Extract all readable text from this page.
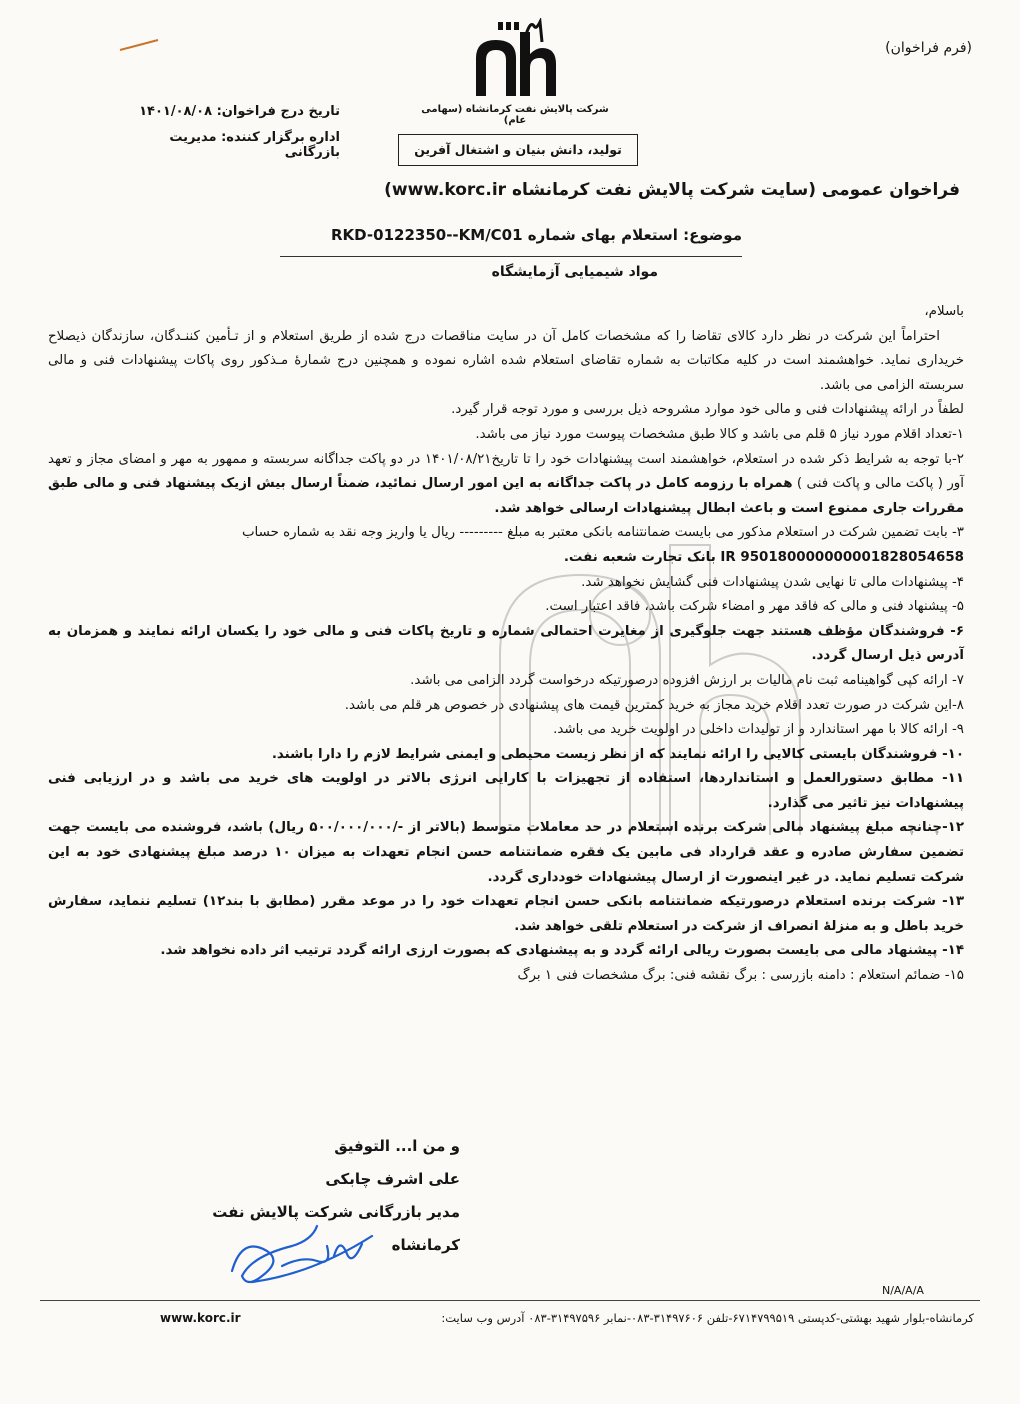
(فرم فراخوان)
شرکت پالایش نفت کرمانشاه (سهامی عام)
تولید، دانش بنیان و اشتغال آفرین
تاریخ درج فراخوان: ۱۴۰۱/۰۸/۰۸
اداره برگزار کننده: مدیریت بازرگانی
فراخوان عمومی (سایت شرکت پالایش نفت کرمانشاه www.korc.ir)
موضوع: استعلام بهای شماره RKD-0122350--KM/C01
مواد شیمیایی آزمایشگاه

باسلام،

احتراماً این شرکت در نظر دارد کالای تقاضا را که مشخصات کامل آن در سایت مناقصات درج شده از طریق استعلام و از تـأمین کننـدگان، سازندگان ذیصلاح خریداری نماید. خواهشمند است در کلیه مکاتبات به شماره تقاضای استعلام شده اشاره نموده و همچنین درج شمارهٔ مـذکور روی پاکات پیشنهادات فنی و مالی سربسته الزامی می باشد.

لطفاً در ارائه پیشنهادات فنی و مالی خود موارد مشروحه ذیل بررسی و مورد توجه قرار گیرد.

۱-تعداد اقلام مورد نیاز ۵ قلم می باشد و کالا طبق مشخصات پیوست مورد نیاز می باشد.

۲-با توجه به شرایط ذکر شده در استعلام، خواهشمند است پیشنهادات خود را تا تاریخ۱۴۰۱/۰۸/۲۱ در دو پاکت جداگانه سربسته و ممهور به مهر و امضای مجاز و تعهد آور ( پاکت مالی و پاکت فنی ) همراه با رزومه کامل در پاکت جداگانه به این امور ارسال نمائید، ضمناً ارسال بیش ازیک پیشنهاد فنی و مالی طبق مقررات جاری ممنوع است و باعث ابطال پیشنهادات ارسالی خواهد شد.

۳- بابت تضمین شرکت در استعلام مذکور می بایست ضمانتنامه بانکی معتبر به مبلغ --------- ریال یا واریز وجه نقد به شماره حساب

IR 950180000000001828054658 بانک تجارت شعبه نفت.

۴- پیشنهادات مالی تا نهایی شدن پیشنهادات فنی گشایش نخواهد شد.

۵- پیشنهاد فنی و مالی که فاقد مهر و امضاء شرکت باشد، فاقد اعتبار است.

۶- فروشندگان مؤظف هستند جهت جلوگیری از مغایرت احتمالی شماره و تاریخ پاکات فنی و مالی خود را یکسان ارائه نمایند و همزمان به آدرس ذیل ارسال گردد.

۷- ارائه کپی گواهینامه ثبت نام مالیات بر ارزش افزوده درصورتیکه درخواست گردد الزامی می باشد.

۸-این شرکت در صورت تعدد اقلام خرید مجاز به خرید کمترین قیمت های پیشنهادی در خصوص هر قلم می باشد.

۹- ارائه کالا با مهر استاندارد و از تولیدات داخلی در اولویت خرید می باشد.

۱۰- فروشندگان بایستی کالایی را ارائه نمایند که از نظر زیست محیطی و ایمنی شرایط لازم را دارا باشند.

۱۱- مطابق دستورالعمل و استانداردها، استفاده از تجهیزات با کارایی انرژی بالاتر در اولویت های خرید می باشد و در ارزیابی فنی پیشنهادات نیز تاثیر می گذارد.

۱۲-چنانچه مبلغ پیشنهاد مالی شرکت برنده استعلام در حد معاملات متوسط (بالاتر از -/۵۰۰/۰۰۰/۰۰۰ ریال) باشد، فروشنده می بایست جهت تضمین سفارش صادره و عقد قرارداد فی مابین یک فقره ضمانتنامه حسن انجام تعهدات به میزان ۱۰ درصد مبلغ پیشنهادی خود به این شرکت تسلیم نماید. در غیر اینصورت از ارسال پیشنهادات خودداری گردد.

۱۳- شرکت برنده استعلام درصورتیکه ضمانتنامه بانکی حسن انجام تعهدات خود را در موعد مقرر (مطابق با بند۱۲) تسلیم ننماید، سفارش خرید باطل و به منزلهٔ انصراف از شرکت در استعلام تلقی خواهد شد.

۱۴- پیشنهاد مالی می بایست بصورت ریالی ارائه گردد و به پیشنهادی که بصورت ارزی ارائه گردد ترتیب اثر داده نخواهد شد.

۱۵- ضمائم استعلام : دامنه بازرسی : برگ نقشه فنی: برگ مشخصات فنی ۱ برگ

و من ا... التوفیق
علی اشرف چابکی
مدیر بازرگانی شرکت پالایش نفت کرمانشاه
N/A/A/A
کرمانشاه-بلوار شهید بهشتی-کدپستی ۶۷۱۴۷۹۹۵۱۹-تلفن ۳۱۴۹۷۶۰۶-۰۸۳-نمابر ۳۱۴۹۷۵۹۶-۰۸۳ آدرس وب سایت:
www.korc.ir
